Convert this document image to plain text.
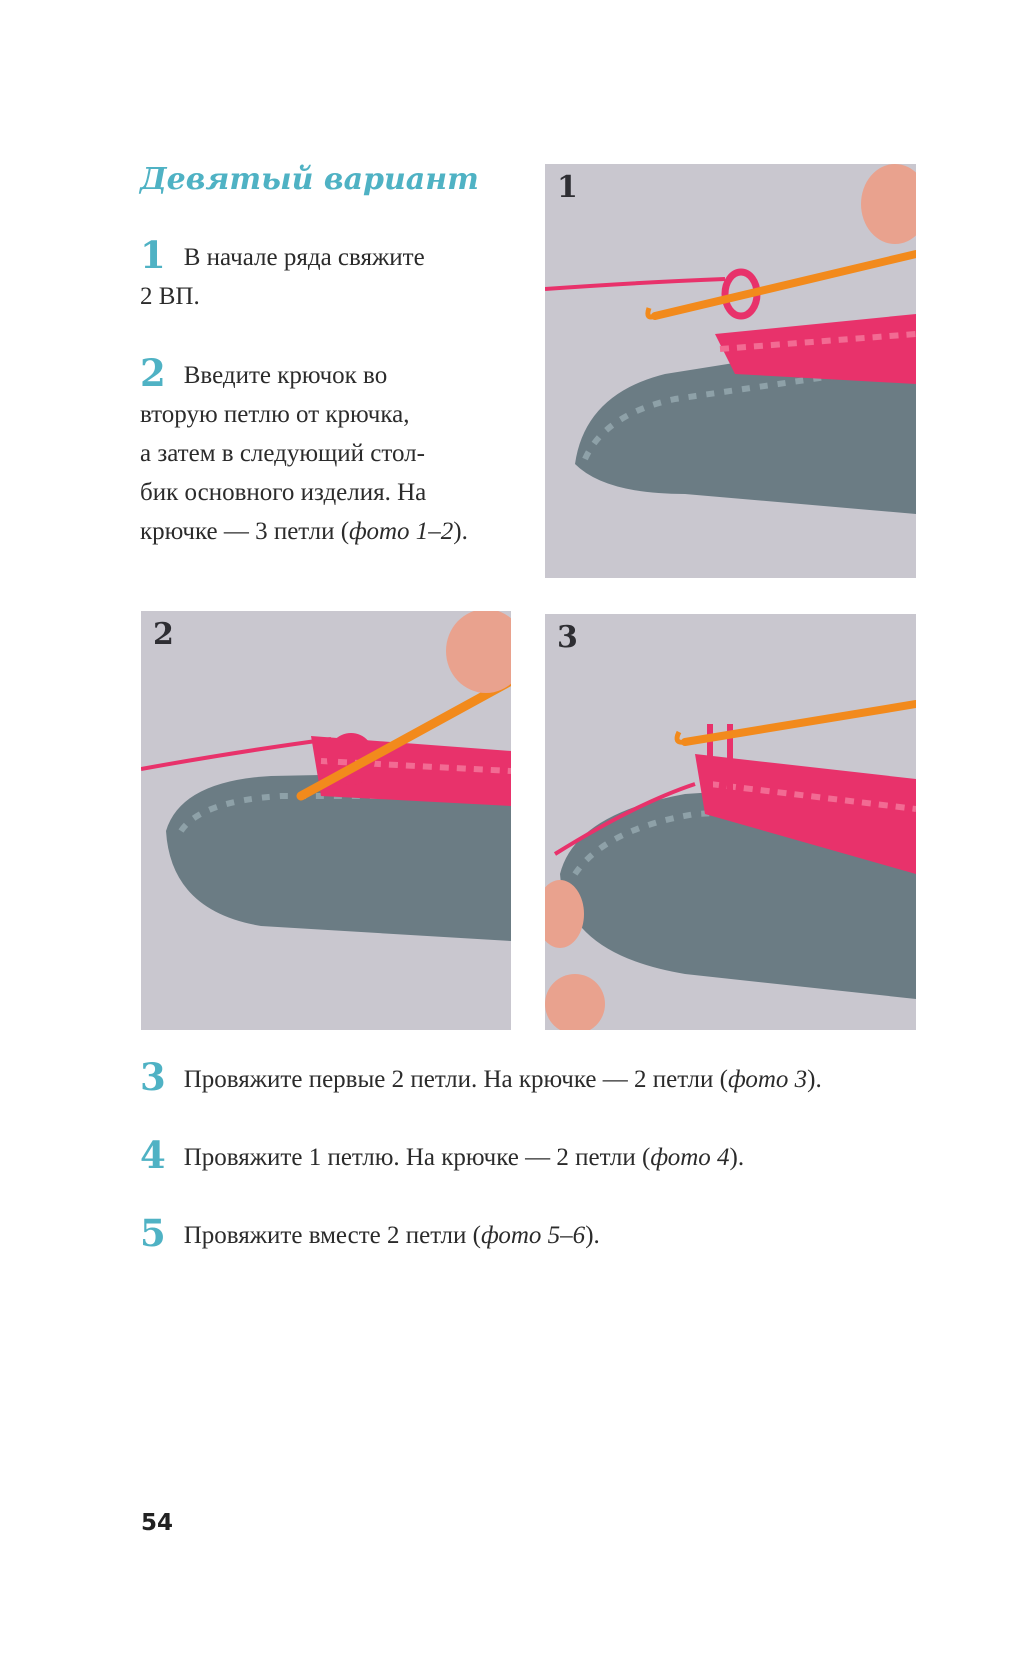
Девятый вариант
1 В начале ряда свяжите
2 ВП.
2 Введите крючок во
вторую петлю от крючка,
а затем в следующий стол-
бик основного изделия. На
крючке — 3 петли (фото 1–2).
1
2	3

3 Провяжите первые 2 петли. На крючке — 2 петли (фото 3).

4 Провяжите 1 петлю. На крючке — 2 петли (фото 4).

5 Провяжите вместе 2 петли (фото 5–6).

54
